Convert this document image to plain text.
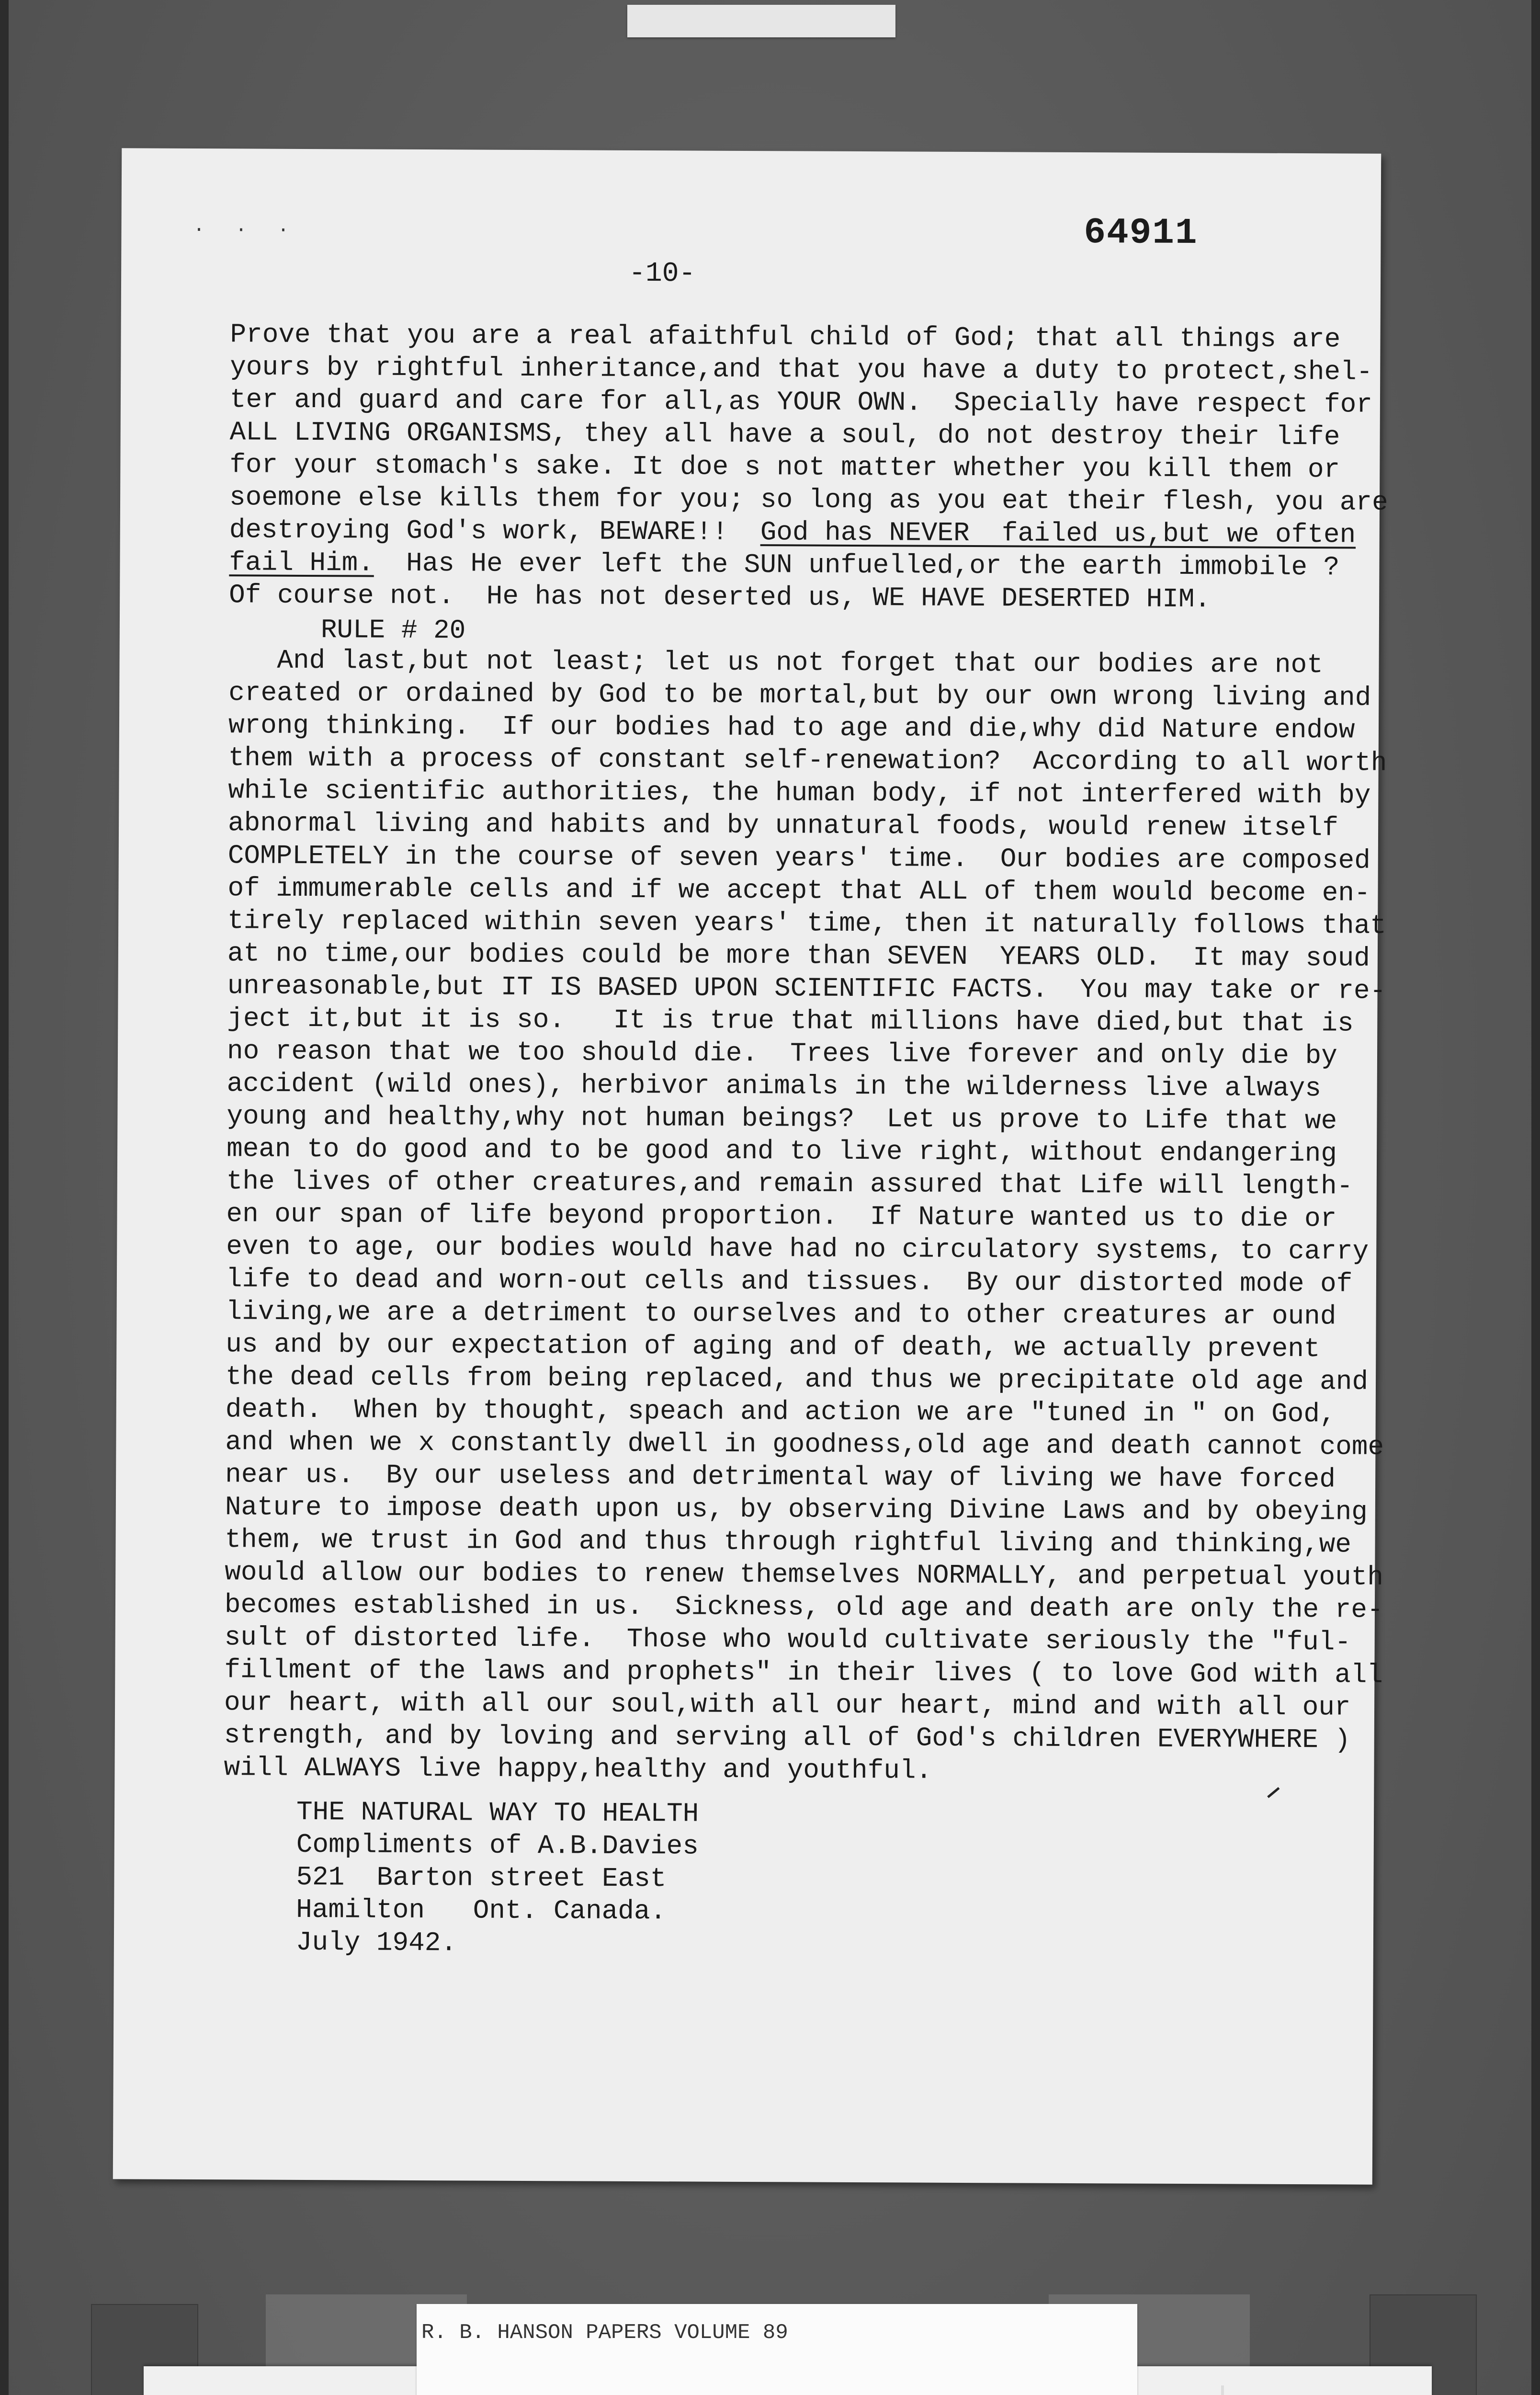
. . .	64911
-10-
Prove that you are a real afaithful child of God; that all things are
yours by rightful inheritance,and that you have a duty to protect,shel-
ter and guard and care for all,as YOUR OWN.  Specially have respect for
ALL LIVING ORGANISMS, they all have a soul, do not destroy their life
for your stomach's sake. It doe s not matter whether you kill them or
soemone else kills them for you; so long as you eat their flesh, you are
destroying God's work, BEWARE!!  God has NEVER  failed us,but we often
fail Him.  Has He ever left the SUN unfuelled,or the earth immobile ?
Of course not.  He has not deserted us, WE HAVE DESERTED HIM.
RULE # 20
And last,but not least; let us not forget that our bodies are not
created or ordained by God to be mortal,but by our own wrong living and
wrong thinking.  If our bodies had to age and die,why did Nature endow
them with a process of constant self-renewation?  According to all worth
while scientific authorities, the human body, if not interfered with by
abnormal living and habits and by unnatural foods, would renew itself
COMPLETELY in the course of seven years' time.  Our bodies are composed
of immumerable cells and if we accept that ALL of them would become en-
tirely replaced within seven years' time, then it naturally follows that
at no time,our bodies could be more than SEVEN  YEARS OLD.  It may soud
unreasonable,but IT IS BASED UPON SCIENTIFIC FACTS.  You may take or re-
ject it,but it is so.   It is true that millions have died,but that is
no reason that we too should die.  Trees live forever and only die by
accident (wild ones), herbivor animals in the wilderness live always
young and healthy,why not human beings?  Let us prove to Life that we
mean to do good and to be good and to live right, without endangering
the lives of other creatures,and remain assured that Life will length-
en our span of life beyond proportion.  If Nature wanted us to die or
even to age, our bodies would have had no circulatory systems, to carry
life to dead and worn-out cells and tissues.  By our distorted mode of
living,we are a detriment to ourselves and to other creatures ar ound
us and by our expectation of aging and of death, we actually prevent
the dead cells from being replaced, and thus we precipitate old age and
death.  When by thought, speach and action we are "tuned in " on God,
and when we x constantly dwell in goodness,old age and death cannot come
near us.  By our useless and detrimental way of living we have forced
Nature to impose death upon us, by observing Divine Laws and by obeying
them, we trust in God and thus through rightful living and thinking,we
would allow our bodies to renew themselves NORMALLY, and perpetual youth
becomes established in us.  Sickness, old age and death are only the re-
sult of distorted life.  Those who would cultivate seriously the "ful-
fillment of the laws and prophets" in their lives ( to love God with all
our heart, with all our soul,with all our heart, mind and with all our
strength, and by loving and serving all of God's children EVERYWHERE )
will ALWAYS live happy,healthy and youthful.
THE NATURAL WAY TO HEALTH
Compliments of A.B.Davies
521  Barton street East
Hamilton   Ont. Canada.
July 1942.
R. B. HANSON PAPERS VOLUME 89
